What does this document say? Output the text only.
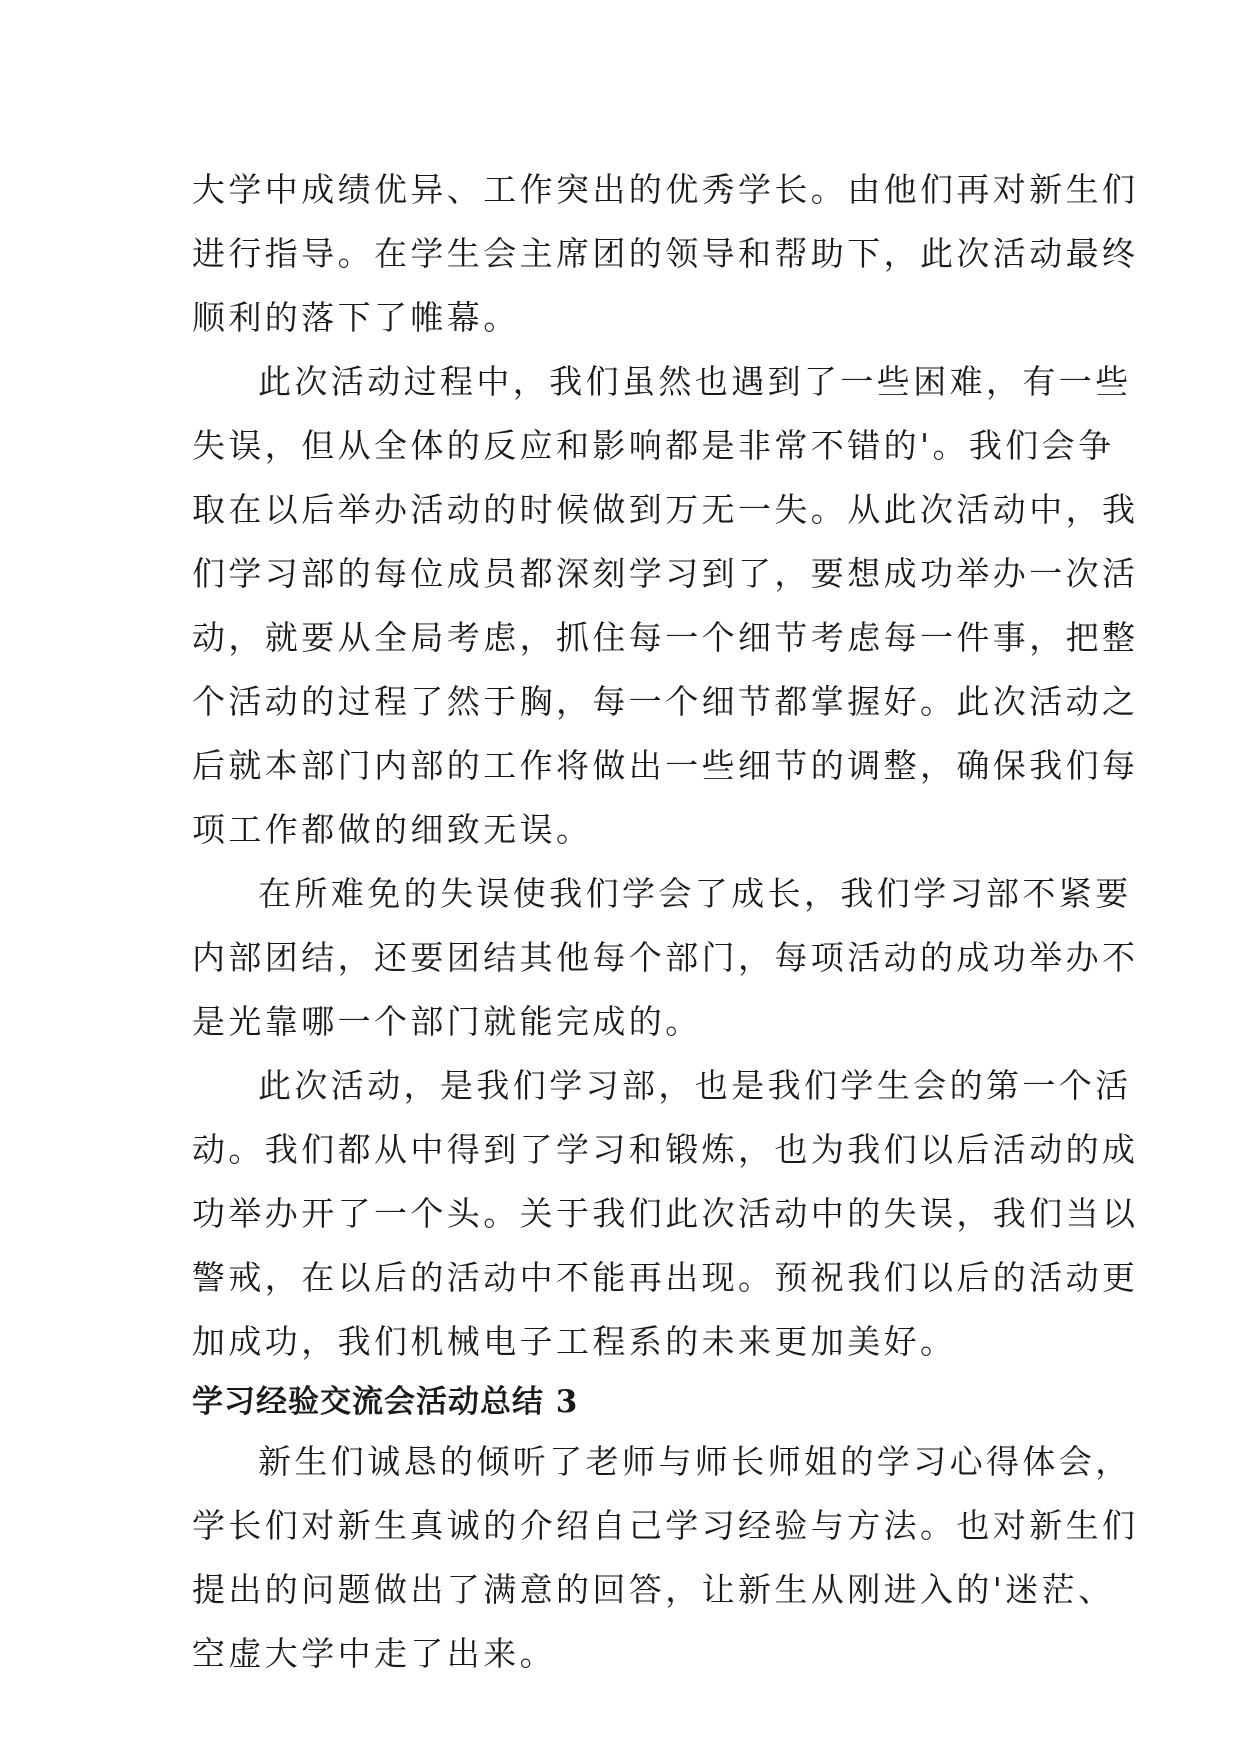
大学中成绩优异、工作突出的优秀学长。由他们再对新生们

进行指导。在学生会主席团的领导和帮助下，此次活动最终

顺利的落下了帷幕。

此次活动过程中，我们虽然也遇到了一些困难，有一些

失误，但从全体的反应和影响都是非常不错的'。我们会争

取在以后举办活动的时候做到万无一失。从此次活动中，我

们学习部的每位成员都深刻学习到了，要想成功举办一次活

动，就要从全局考虑，抓住每一个细节考虑每一件事，把整

个活动的过程了然于胸，每一个细节都掌握好。此次活动之

后就本部门内部的工作将做出一些细节的调整，确保我们每

项工作都做的细致无误。

在所难免的失误使我们学会了成长，我们学习部不紧要

内部团结，还要团结其他每个部门，每项活动的成功举办不

是光靠哪一个部门就能完成的。

此次活动，是我们学习部，也是我们学生会的第一个活

动。我们都从中得到了学习和锻炼，也为我们以后活动的成

功举办开了一个头。关于我们此次活动中的失误，我们当以

警戒，在以后的活动中不能再出现。预祝我们以后的活动更

加成功，我们机械电子工程系的未来更加美好。

学习经验交流会活动总结 3

新生们诚恳的倾听了老师与师长师姐的学习心得体会，

学长们对新生真诚的介绍自己学习经验与方法。也对新生们

提出的问题做出了满意的回答，让新生从刚进入的'迷茫、

空虚大学中走了出来。
